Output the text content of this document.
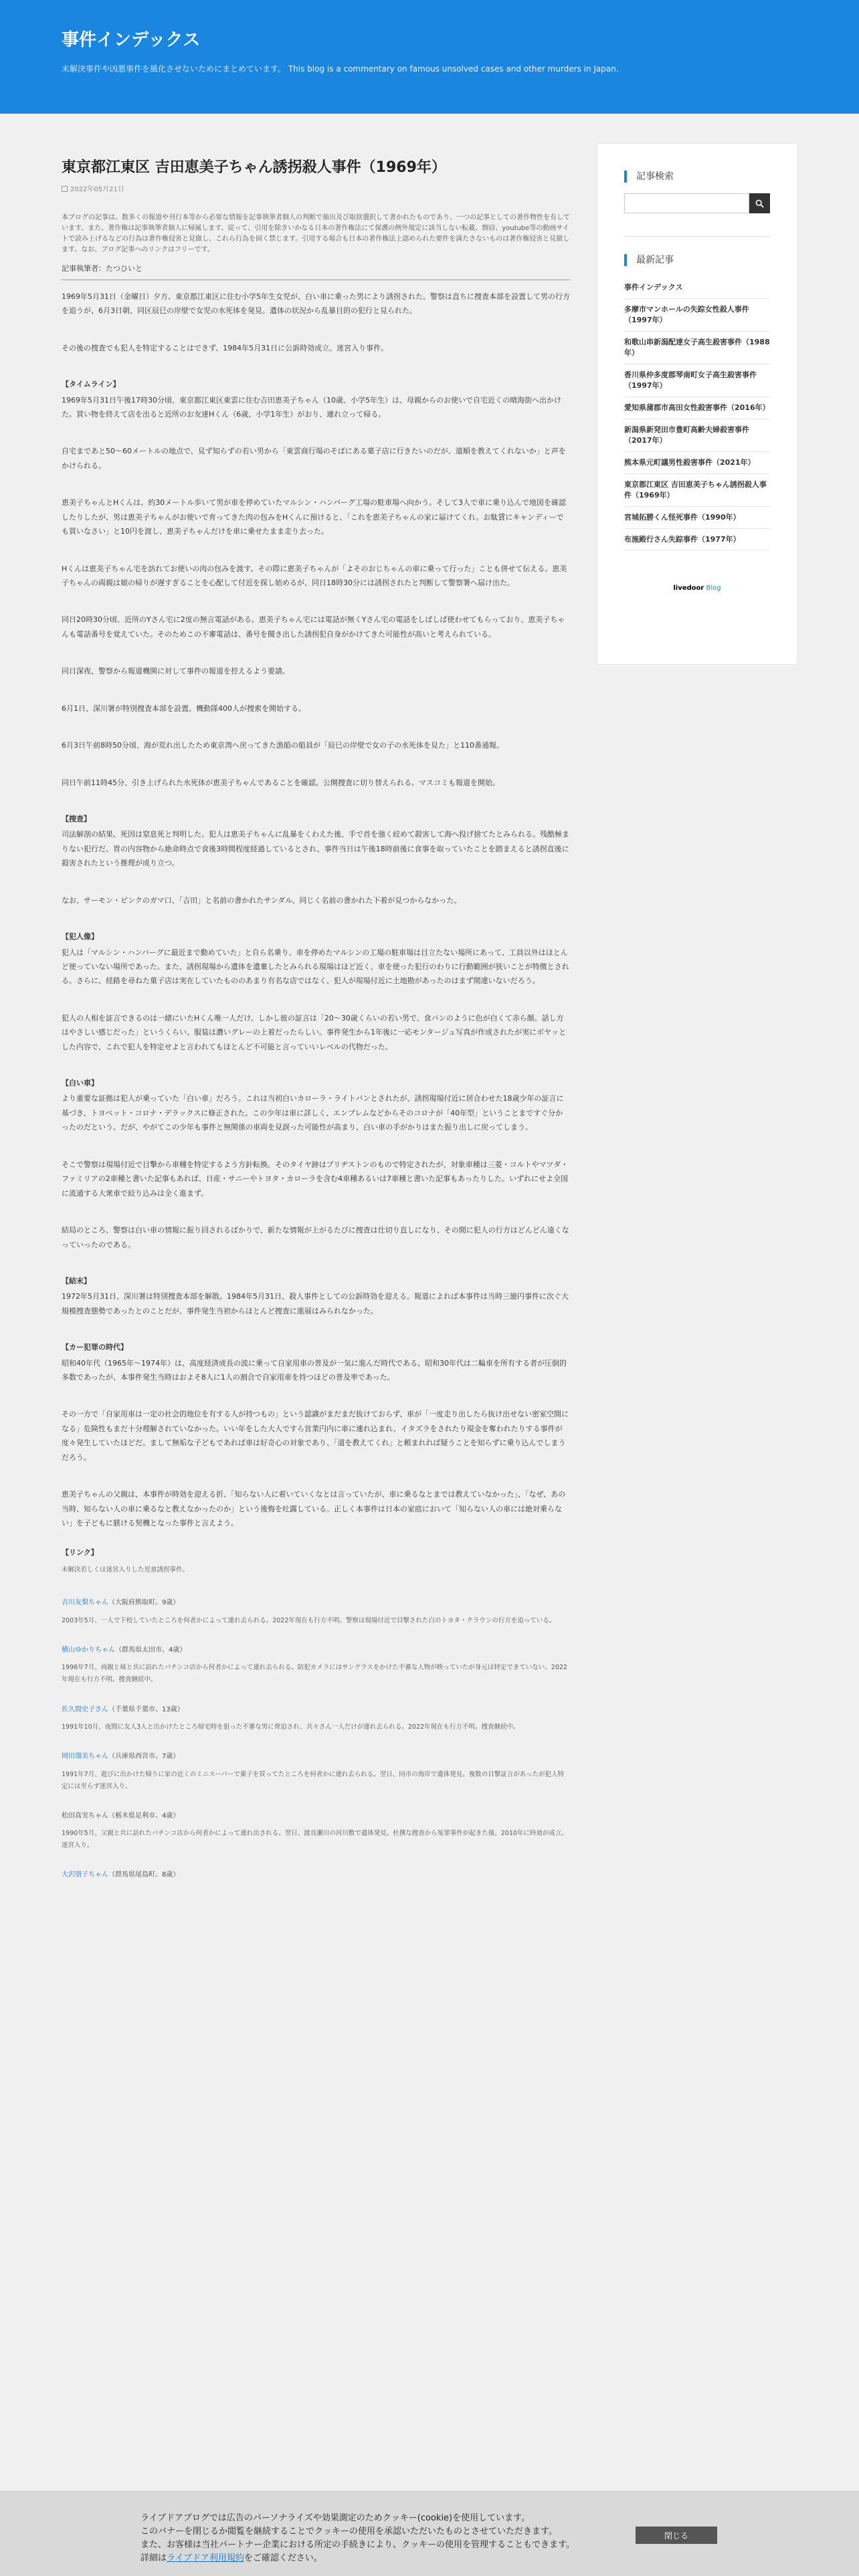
事件インデックス
未解決事件や凶悪事件を風化させないためにまとめています。 This blog is a commentary on famous unsolved cases and other murders in Japan.
東京都江東区 吉田恵美子ちゃん誘拐殺人事件（1969年）
2022年05月21日

本ブログの記事は、数多くの報道や刊行本等から必要な情報を記事執筆者個人の判断で抽出及び取捨選択して書かれたものであり、一つの記事としての著作物性を有しています。また、著作権は記事執筆者個人に帰属します。従って、引用を除きいかなる日本の著作権法にて保護の例外規定に該当しない転載、剽窃、youtube等の動画サイトで読み上げるなどの行為は著作権侵害と見做し、これら行為を固く禁じます。引用する場合も日本の著作権法上認められた要件を満たさないものは著作権侵害と見做します。なお、ブログ記事へのリンクはフリーです。

記事執筆者：たつひいと

1969年5月31日（金曜日）夕方、東京都江東区に住む小学5年生女児が、白い車に乗った男により誘拐された。警察は直ちに捜査本部を設置して男の行方を追うが、6月3日朝、同区辰巳の岸壁で女児の水死体を発見。遺体の状況から乱暴目的の犯行と見られた。

その後の捜査でも犯人を特定することはできず、1984年5月31日に公訴時効成立。迷宮入り事件。

【タイムライン】

1969年5月31日午後17時30分頃、東京都江東区東雲に住む吉田恵美子ちゃん（10歳、小学5年生）は、母親からのお使いで自宅近くの晴海街へ出かけた。買い物を終えて店を出ると近所のお友達Hくん（6歳、小学1年生）がおり、連れ立って帰る。

自宅まであと50～60メートルの地点で、見ず知らずの若い男から「東雲商行場のそばにある菓子店に行きたいのだが、道順を教えてくれないか」と声をかけられる。

恵美子ちゃんとHくんは、約30メートル歩いて男が車を停めていたマルシン・ハンバーグ工場の駐車場へ向かう。そして3人で車に乗り込んで地図を確認したりしたが、男は恵美子ちゃんがお使いで育ってきた肉の包みをHくんに預けると、「これを恵美子ちゃんの家に届けてくれ。お駄賃にキャンディーでも買いなさい」と10円を渡し、恵美子ちゃんだけを車に乗せたまま走り去った。

Hくんは恵美子ちゃん宅を訪れてお使いの肉の包みを渡す。その際に恵美子ちゃんが「よそのおじちゃんの車に乗って行った」ことも併せて伝える。恵美子ちゃんの両親は娘の帰りが遅すぎることを心配して付近を探し始めるが、同日18時30分には誘拐されたと判断して警察署へ届け出た。

同日20時30分頃、近所のYさん宅に2度の無言電話がある。恵美子ちゃん宅には電話が無くYさん宅の電話をしばしば使わせてもらっており、恵美子ちゃんも電話番号を覚えていた。そのためこの不審電話は、番号を聞き出した誘拐犯自身がかけてきた可能性が高いと考えられている。

同日深夜、警察から報道機関に対して事件の報道を控えるよう要請。

6月1日、深川署が特別捜査本部を設置。機動隊400人が捜索を開始する。

6月3日午前8時50分頃、海が荒れ出したため東京湾へ戻ってきた漁船の船員が「辰巳の岸壁で女の子の水死体を見た」と110番通報。

同日午前11時45分、引き上げられた水死体が恵美子ちゃんであることを確認。公開捜査に切り替えられる。マスコミも報道を開始。

【捜査】

司法解剖の結果、死因は窒息死と判明した。犯人は恵美子ちゃんに乱暴をくわえた後、手で首を強く絞めて殺害して海へ投げ捨てたとみられる。残酷極まりない犯行だ。胃の内容物から絶命時点で食後3時間程度経過しているとされ、事件当日は午後18時前後に食事を取っていたことを踏まえると誘拐直後に殺害されたという推理が成り立つ。

なお、サーモン・ピンクのガマ口、「吉田」と名前の書かれたサンダル、同じく名前の書かれた下着が見つからなかった。

【犯人像】

犯人は「マルシン・ハンバーグに最近まで勤めていた」と自ら名乗り、車を停めたマルシンの工場の駐車場は目立たない場所にあって、工員以外はほとんど使っていない場所であった。また、誘拐現場から遺体を遺棄したとみられる現場はほど近く、車を使った犯行のわりに行動範囲が狭いことが特徴とされる。さらに、経路を尋ねた菓子店は実在していたもののあまり有名な店ではなく、犯人が現場付近に土地勘があったのはまず間違いないだろう。

犯人の人相を証言できるのは一緒にいたHくん唯一人だけ。しかし彼の証言は「20～30歳くらいの若い男で、食パンのように色が白くて赤ら顔。話し方はやさしい感じだった」というくらい。服装は濃いグレーの上着だったらしい。事件発生から1年後に一応モンタージュ写真が作成されたが実にボヤッとした内容で、これで犯人を特定せよと言われてもほとんど不可能と言っていいレベルの代物だった。

【白い車】

より重要な証拠は犯人が乗っていた「白い車」だろう。これは当初白いカローラ・ライトバンとされたが、誘拐現場付近に居合わせた18歳少年の証言に基づき、トヨペット・コロナ・デラックスに修正された。この少年は車に詳しく、エンブレムなどからそのコロナが「40年型」ということまですぐ分かったのだという。だが、やがてこの少年も事件と無関係の車両を見誤った可能性が高まり、白い車の手がかりはまた振り出しに戻ってしまう。

そこで警察は現場付近で目撃から車種を特定するよう方針転換。そのタイヤ跡はブリヂストンのもので特定されたが、対象車種は三菱・コルトやマツダ・ファミリアの2車種と書いた記事もあれば、日産・サニーやトヨタ・カローラを含む4車種あるいは7車種と書いた記事もあったりした。いずれにせよ全国に流通する大衆車で絞り込みは全く進まず。

結局のところ、警察は白い車の情報に振り回されるばかりで、新たな情報が上がるたびに捜査は仕切り直しになり、その間に犯人の行方はどんどん遠くなっていったのである。

【結末】

1972年5月31日、深川署は特別捜査本部を解散。1984年5月31日、殺人事件としての公訴時効を迎える。報道によれば本事件は当時三億円事件に次ぐ大規模捜査態勢であったとのことだが、事件発生当初からほとんど捜査に進展はみられなかった。

【カー犯罪の時代】

昭和40年代（1965年～1974年）は、高度経済成長の波に乗って自家用車の普及が一気に進んだ時代である。昭和30年代は二輪車を所有する者が圧倒的多数であったが、本事件発生当時はおよそ8人に1人の割合で自家用車を持つほどの普及率であった。

その一方で「自家用車は一定の社会的地位を有する人が持つもの」という認識がまだまだ抜けておらず、車が「一度走り出したら抜け出せない密室空間になる」危険性もまだ十分理解されていなかった。いい年をした大人ですら営業円内に車に連れ込まれ、イタズラをされたり現金を奪われたりする事件が度々発生していたほどだ。まして無垢な子どもであれば車は好奇心の対象であり、「道を教えてくれ」と頼まれれば疑うことを知らずに乗り込んでしまうだろう。

恵美子ちゃんの父親は、本事件が時効を迎える折、「知らない人に着いていくなとは言っていたが、車に乗るなとまでは教えていなかった」、「なぜ、あの当時、知らない人の車に乗るなと教えなかったのか」という後悔を吐露している。正しく本事件は日本の家庭において「知らない人の車には絶対乗らない」を子どもに躾ける契機となった事件と言えよう。

【リンク】

未解決若しくは迷宮入りした児童誘拐事件。

吉川友梨ちゃん（大阪府熊取町、9歳）
2003年5月、一人で下校していたところを何者かによって連れ去られる。2022年現在も行方不明。警察は現場付近で目撃された白のトヨタ・クラウンの行方を追っている。
横山ゆかりちゃん（群馬県太田市、4歳）
1996年7月、両親と妹と共に訪れたパチンコ店から何者かによって連れ去られる。防犯カメラにはサングラスをかけた不審な人物が映っていたが身元は特定できていない。2022年現在も行方不明。捜査継続中。
佐久間史子さん（千葉県千葉市、13歳）
1991年10月、夜間に友人3人と出かけたところ帰宅時を狙った不審な男に脅迫され、共々さん一人だけが連れ去られる。2022年現在も行方不明。捜査継続中。
岡田瑠美ちゃん（兵庫県西宮市、7歳）
1991年7月、遊びに出かけた帰りに家の近くのミニスーパーで菓子を買ってたところを何者かに連れ去られる。翌日、同市の海岸で遺体発見。複数の目撃証言があったが犯人特定には至らず迷宮入り。
松田真実ちゃん（栃木県足利市、4歳）
1990年5月、父親と共に訪れたパチンコ店から何者かによって連れ出される。翌日、渡良瀬川の河川敷で遺体発見。杜撰な捜査から冤罪事件が起きた後、2010年に時効が成立。迷宮入り。
大沢朋子ちゃん（群馬県尾島町、8歳）
記事検索
最新記事
事件インデックス
多摩市マンホールの失踪女性殺人事件（1997年）
和歌山串新潟配達女子高生殺害事件（1988年）
香川県仲多度郡琴南町女子高生殺害事件（1997年）
愛知県蒲郡市高田女性殺害事件（2016年）
新潟県新発田市豊町高齢夫婦殺害事件（2017年）
熊本県元町議男性殺害事件（2021年）
東京都江東区 吉田恵美子ちゃん誘拐殺人事件（1969年）
宮城拓勝くん怪死事件（1990年）
布施殿行さん失踪事件（1977年）
livedoor Blog
ライブドアブログでは広告のパーソナライズや効果測定のためクッキー(cookie)を使用しています。
このバナーを閉じるか閲覧を継続することでクッキーの使用を承認いただいたものとさせていただきます。
また、お客様は当社パートナー企業における所定の手続きにより、クッキーの使用を管理することもできます。
詳細はライブドア利用規約をご確認ください。
閉じる
